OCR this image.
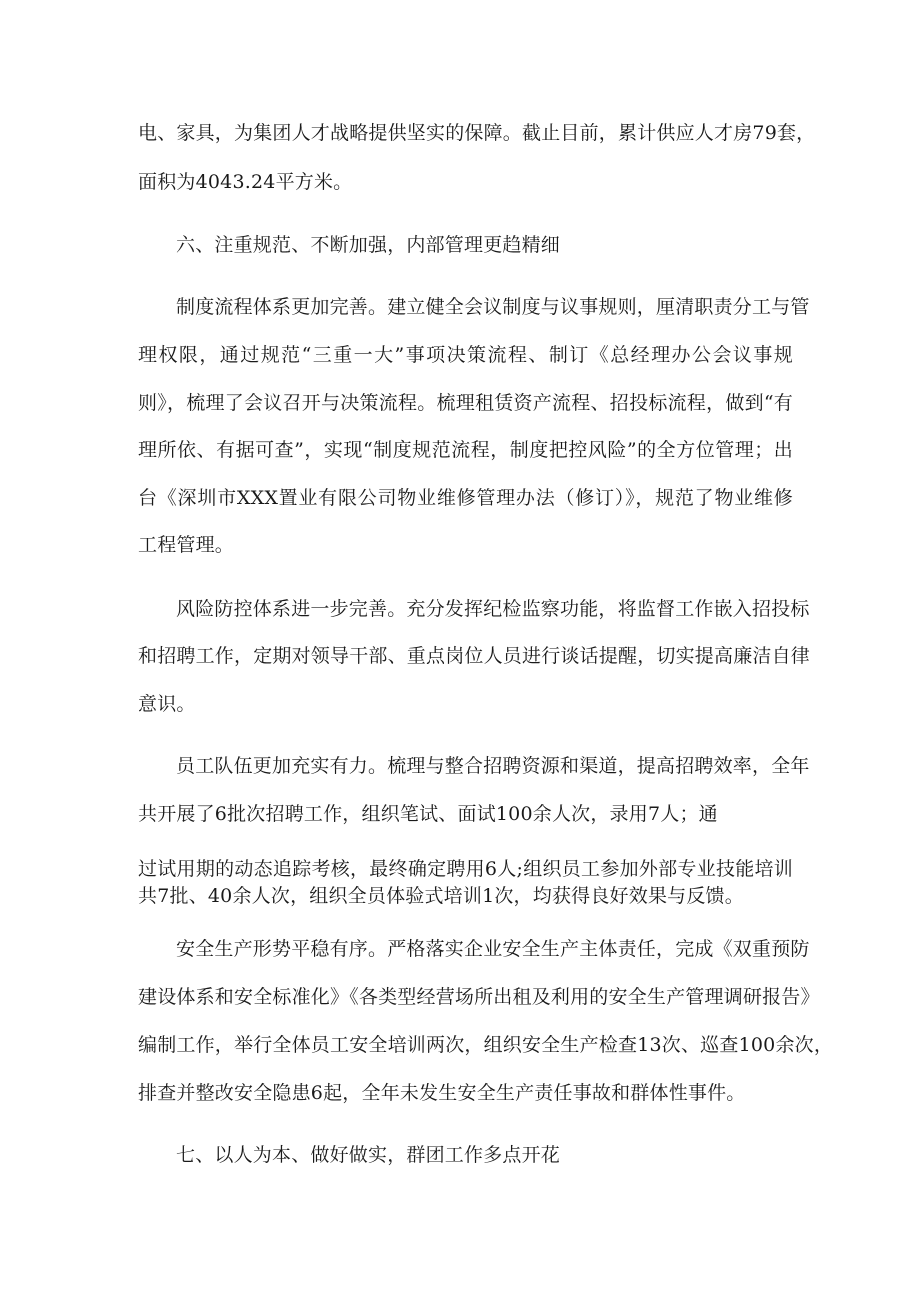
电、家具，为集团人才战略提供坚实的保障。截止目前，累计供应人才房79套，
面积为4043.24平方米。
六、注重规范、不断加强，内部管理更趋精细
制度流程体系更加完善。建立健全会议制度与议事规则，厘清职责分工与管
理权限，通过规范“三重一大”事项决策流程、制订《总经理办公会议事规
则》，梳理了会议召开与决策流程。梳理租赁资产流程、招投标流程，做到“有
理所依、有据可查”，实现“制度规范流程，制度把控风险”的全方位管理；出
台《深圳市XXX置业有限公司物业维修管理办法（修订）》，规范了物业维修
工程管理。
风险防控体系进一步完善。充分发挥纪检监察功能，将监督工作嵌入招投标
和招聘工作，定期对领导干部、重点岗位人员进行谈话提醒，切实提高廉洁自律
意识。
员工队伍更加充实有力。梳理与整合招聘资源和渠道，提高招聘效率，全年
共开展了6批次招聘工作，组织笔试、面试100余人次，录用7人；通
过试用期的动态追踪考核，最终确定聘用6人;组织员工参加外部专业技能培训
共7批、40余人次，组织全员体验式培训1次，均获得良好效果与反馈。
安全生产形势平稳有序。严格落实企业安全生产主体责任，完成《双重预防
建设体系和安全标准化》《各类型经营场所出租及利用的安全生产管理调研报告》
编制工作，举行全体员工安全培训两次，组织安全生产检查13次、巡查100余次，
排查并整改安全隐患6起，全年未发生安全生产责任事故和群体性事件。
七、以人为本、做好做实，群团工作多点开花
